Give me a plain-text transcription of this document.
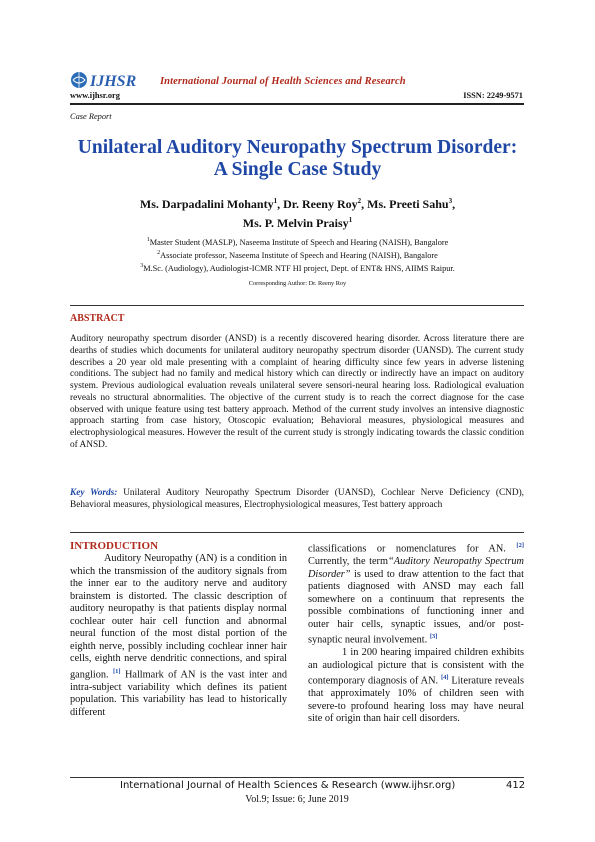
IJHSR International Journal of Health Sciences and Research
www.ijhsr.org	ISSN: 2249-9571
Case Report
Unilateral Auditory Neuropathy Spectrum Disorder: A Single Case Study
Ms. Darpadalini Mohanty$^1$, Dr. Reeny Roy$^2$, Ms. Preeti Sahu$^3$,
Ms. P. Melvin Praisy$^1$
$^1$Master Student (MASLP), Naseema Institute of Speech and Hearing (NAISH), Bangalore
$^2$Associate professor, Naseema Institute of Speech and Hearing (NAISH), Bangalore
$^3$M.Sc. (Audiology), Audiologist-ICMR NTF HI project, Dept. of ENT& HNS, AIIMS Raipur.
Corresponding Author: Dr. Reeny Roy
ABSTRACT
Auditory neuropathy spectrum disorder (ANSD) is a recently discovered hearing disorder. Across literature there are dearths of studies which documents for unilateral auditory neuropathy spectrum disorder (UANSD). The current study describes a 20 year old male presenting with a complaint of hearing difficulty since few years in adverse listening conditions. The subject had no family and medical history which can directly or indirectly have an impact on auditory system. Previous audiological evaluation reveals unilateral severe sensori-neural hearing loss. Radiological evaluation reveals no structural abnormalities. The objective of the current study is to reach the correct diagnose for the case observed with unique feature using test battery approach. Method of the current study involves an intensive diagnostic approach starting from case history, Otoscopic evaluation; Behavioral measures, physiological measures and electrophysiological measures. However the result of the current study is strongly indicating towards the classic condition of ANSD.
Key Words: Unilateral Auditory Neuropathy Spectrum Disorder (UANSD), Cochlear Nerve Deficiency (CND), Behavioral measures, physiological measures, Electrophysiological measures, Test battery approach
INTRODUCTION

Auditory Neuropathy (AN) is a condition in which the transmission of the auditory signals from the inner ear to the auditory nerve and auditory brainstem is distorted. The classic description of auditory neuropathy is that patients display normal cochlear outer hair cell function and abnormal neural function of the most distal portion of the eighth nerve, possibly including cochlear inner hair cells, eighth nerve dendritic connections, and spiral ganglion. [1] Hallmark of AN is the vast inter and intra-subject variability which defines its patient population. This variability has lead to historically different

classifications or nomenclatures for AN. [2] Currently, the term“Auditory Neuropathy Spectrum Disorder” is used to draw attention to the fact that patients diagnosed with ANSD may each fall somewhere on a continuum that represents the possible combinations of functioning inner and outer hair cells, synaptic issues, and/or post-synaptic neural involvement. [3]

1 in 200 hearing impaired children exhibits an audiological picture that is consistent with the contemporary diagnosis of AN. [4] Literature reveals that approximately 10% of children seen with severe-to profound hearing loss may have neural site of origin than hair cell disorders.

International Journal of Health Sciences & Research (www.ijhsr.org)	412
Vol.9; Issue: 6; June 2019
